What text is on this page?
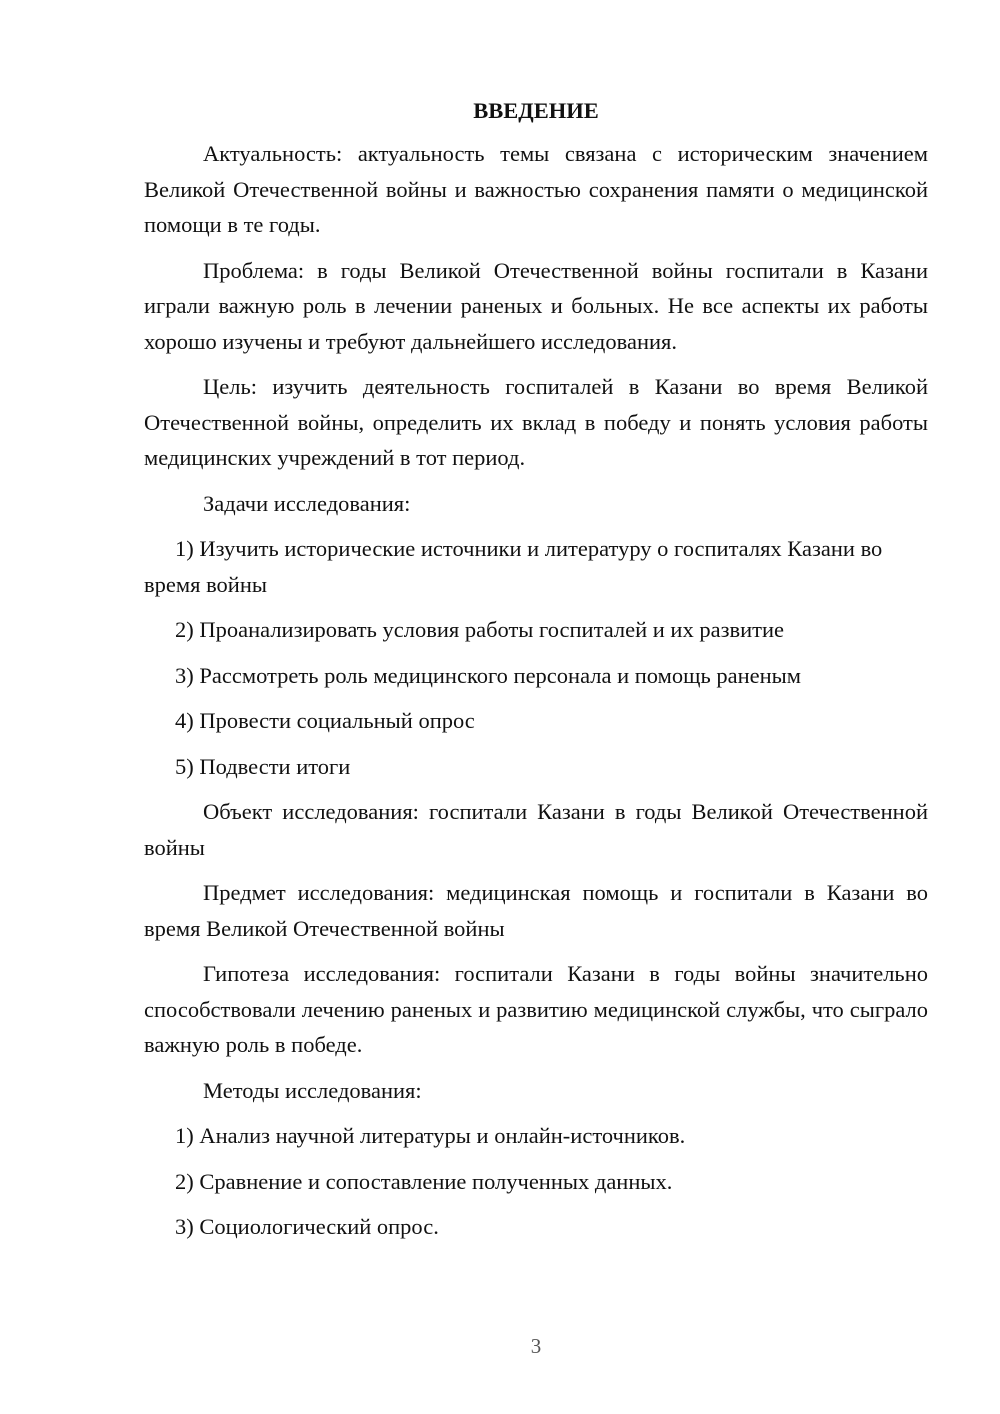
ВВЕДЕНИЕ

Актуальность: актуальность темы связана с историческим значением Великой Отечественной войны и важностью сохранения памяти о медицинской помощи в те годы.

Проблема: в годы Великой Отечественной войны госпитали в Казани играли важную роль в лечении раненых и больных. Не все аспекты их работы хорошо изучены и требуют дальнейшего исследования.

Цель: изучить деятельность госпиталей в Казани во время Великой Отечественной войны, определить их вклад в победу и понять условия работы медицинских учреждений в тот период.

Задачи исследования:

1) Изучить исторические источники и литературу о госпиталях Казани во время войны

2) Проанализировать условия работы госпиталей и их развитие

3) Рассмотреть роль медицинского персонала и помощь раненым

4) Провести социальный опрос

5) Подвести итоги

Объект исследования: госпитали Казани в годы Великой Отечественной войны

Предмет исследования: медицинская помощь и госпитали в Казани во время Великой Отечественной войны

Гипотеза исследования: госпитали Казани в годы войны значительно способствовали лечению раненых и развитию медицинской службы, что сыграло важную роль в победе.

Методы исследования:

1) Анализ научной литературы и онлайн-источников.

2) Сравнение и сопоставление полученных данных.

3) Социологический опрос.

3
